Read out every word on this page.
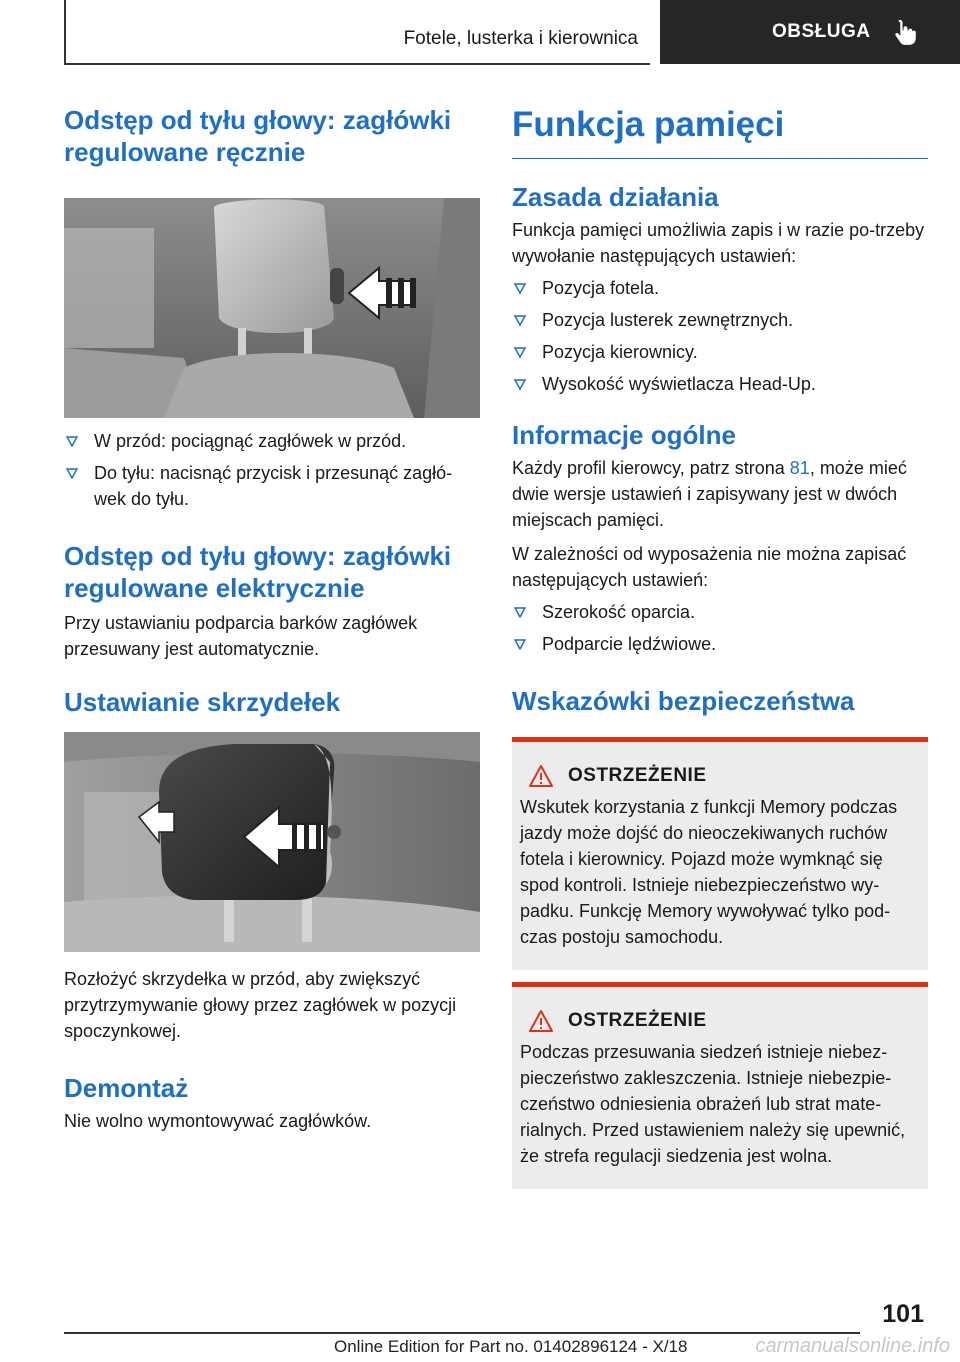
Fotele, lusterka i kierownica	OBSŁUGA
Odstęp od tyłu głowy: zagłówki regulowane ręcznie
W przód: pociągnąć zagłówek w przód.
Do tyłu: nacisnąć przycisk i przesunąć zagłó‐wek do tyłu.
Odstęp od tyłu głowy: zagłówki regulowane elektrycznie

Przy ustawianiu podparcia barków zagłówek przesuwany jest automatycznie.

Ustawianie skrzydełek

Rozłożyć skrzydełka w przód, aby zwiększyć przytrzymywanie głowy przez zagłówek w pozycji spoczynkowej.

Demontaż

Nie wolno wymontowywać zagłówków.

Funkcja pamięci
Zasada działania

Funkcja pamięci umożliwia zapis i w razie po‐trzeby wywołanie następujących ustawień:

Pozycja fotela.
Pozycja lusterek zewnętrznych.
Pozycja kierownicy.
Wysokość wyświetlacza Head-Up.
Informacje ogólne

Każdy profil kierowcy, patrz strona 81, może mieć dwie wersje ustawień i zapisywany jest w dwóch miejscach pamięci.

W zależności od wyposażenia nie można zapisać następujących ustawień:

Szerokość oparcia.
Podparcie lędźwiowe.
Wskazówki bezpieczeństwa
OSTRZEŻENIE

Wskutek korzystania z funkcji Memory podczas jazdy może dojść do nieoczekiwanych ruchów fotela i kierownicy. Pojazd może wymknąć się spod kontroli. Istnieje niebezpieczeństwo wy‐padku. Funkcję Memory wywoływać tylko pod‐czas postoju samochodu.

OSTRZEŻENIE

Podczas przesuwania siedzeń istnieje niebez‐pieczeństwo zakleszczenia. Istnieje niebezpie‐czeństwo odniesienia obrażeń lub strat mate‐rialnych. Przed ustawieniem należy się upewnić, że strefa regulacji siedzenia jest wolna.

101
Online Edition for Part no. 01402896124 - X/18	carmanualsonline.info
